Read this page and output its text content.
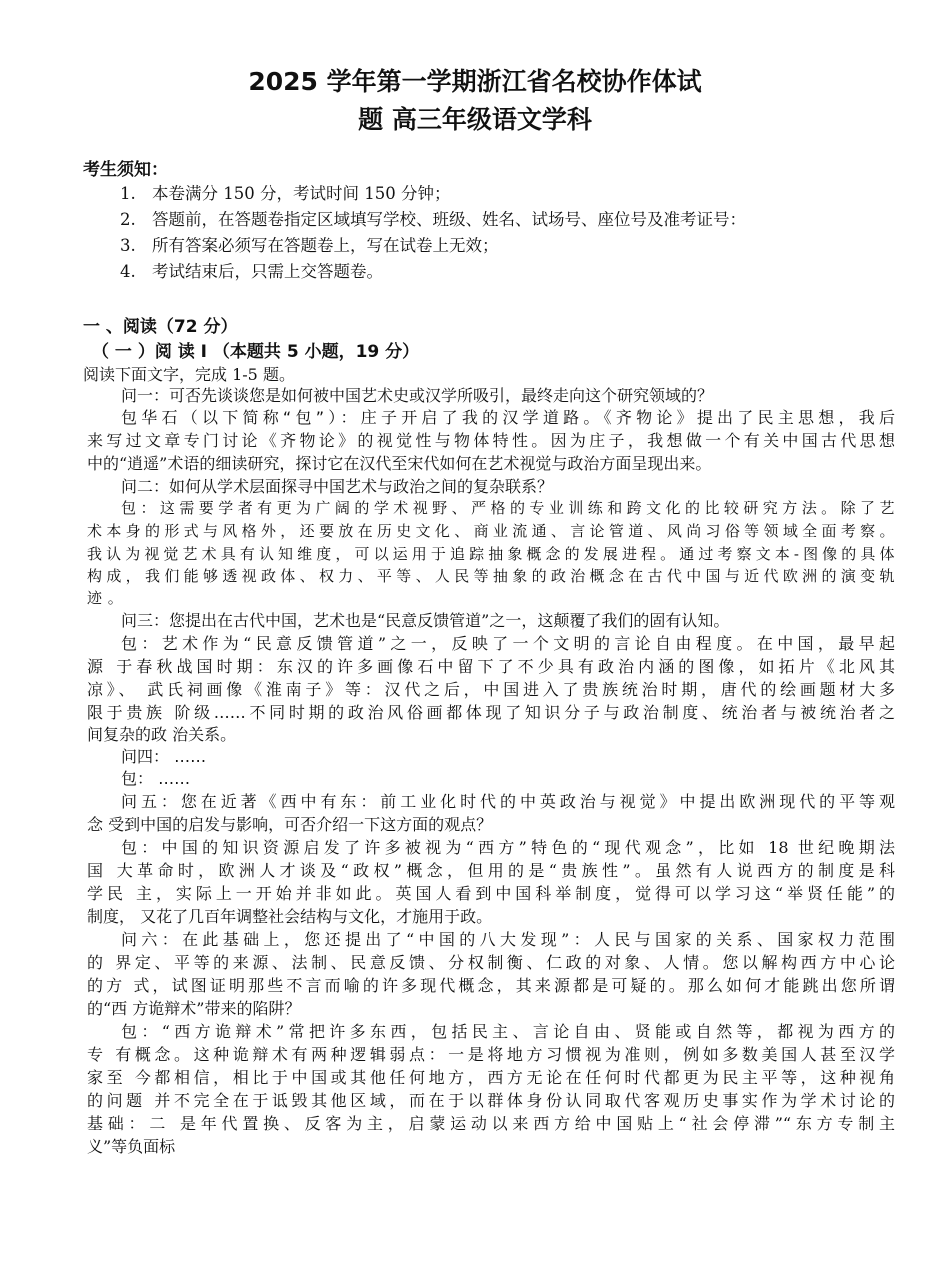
2025 学年第一学期浙江省名校协作体试
题 高三年级语文学科
考生须知：
1. 本卷满分 150 分，考试时间 150 分钟；
2. 答题前，在答题卷指定区域填写学校、班级、姓名、试场号、座位号及准考证号：
3. 所有答案必须写在答题卷上，写在试卷上无效；
4. 考试结束后，只需上交答题卷。
一 、阅读（72 分）
（ 一 ）阅 读 I （本题共 5 小题，19 分）
阅读下面文字，完成 1-5 题。
问一：可否先谈谈您是如何被中国艺术史或汉学所吸引，最终走向这个研究领域的？
包华石（以下简称“包”）：庄子开启了我的汉学道路。《齐物论》提出了民主思想，我后
来写过文章专门讨论《齐物论》的视觉性与物体特性。因为庄子，我想做一个有关中国古代思想
中的“逍遥”术语的细读研究，探讨它在汉代至宋代如何在艺术视觉与政治方面呈现出来。
问二：如何从学术层面探寻中国艺术与政治之间的复杂联系？
包：这需要学者有更为广阔的学术视野、严格的专业训练和跨文化的比较研究方法。除了艺
术本身的形式与风格外，还要放在历史文化、商业流通、言论管道、风尚习俗等领域全面考察。
我认为视觉艺术具有认知维度，可以运用于追踪抽象概念的发展进程。通过考察文本-图像的具体
构成，我们能够透视政体、权力、平等、人民等抽象的政治概念在古代中国与近代欧洲的演变轨
迹 。
问三：您提出在古代中国，艺术也是“民意反馈管道”之一，这颠覆了我们的固有认知。
包：艺术作为“民意反馈管道”之一，反映了一个文明的言论自由程度。在中国，最早起
源 于春秋战国时期：东汉的许多画像石中留下了不少具有政治内涵的图像，如拓片《北风其
凉》、 武氏祠画像《淮南子》等：汉代之后，中国进入了贵族统治时期，唐代的绘画题材大多
限于贵族 阶级……不同时期的政治风俗画都体现了知识分子与政治制度、统治者与被统治者之
间复杂的政 治关系。
问四： ……
包： ……
问五：您在近著《西中有东：前工业化时代的中英政治与视觉》中提出欧洲现代的平等观
念 受到中国的启发与影响，可否介绍一下这方面的观点？
包：中国的知识资源启发了许多被视为“西方”特色的“现代观念”，比如 18 世纪晚期法
国 大革命时，欧洲人才谈及“政权”概念，但用的是“贵族性”。虽然有人说西方的制度是科
学民 主，实际上一开始并非如此。英国人看到中国科举制度，觉得可以学习这“举贤任能”的
制度， 又花了几百年调整社会结构与文化，才施用于政。
问六：在此基础上，您还提出了“中国的八大发现”：人民与国家的关系、国家权力范围
的 界定、平等的来源、法制、民意反馈、分权制衡、仁政的对象、人情。您以解构西方中心论
的方 式，试图证明那些不言而喻的许多现代概念，其来源都是可疑的。那么如何才能跳出您所谓
的“西 方诡辩术”带来的陷阱？
包：“西方诡辩术”常把许多东西，包括民主、言论自由、贤能或自然等，都视为西方的
专 有概念。这种诡辩术有两种逻辑弱点：一是将地方习惯视为准则，例如多数美国人甚至汉学
家至 今都相信，相比于中国或其他任何地方，西方无论在任何时代都更为民主平等，这种视角
的问题 并不完全在于诋毁其他区域，而在于以群体身份认同取代客观历史事实作为学术讨论的
基础：二 是年代置换、反客为主，启蒙运动以来西方给中国贴上“社会停滞”“东方专制主
义”等负面标
